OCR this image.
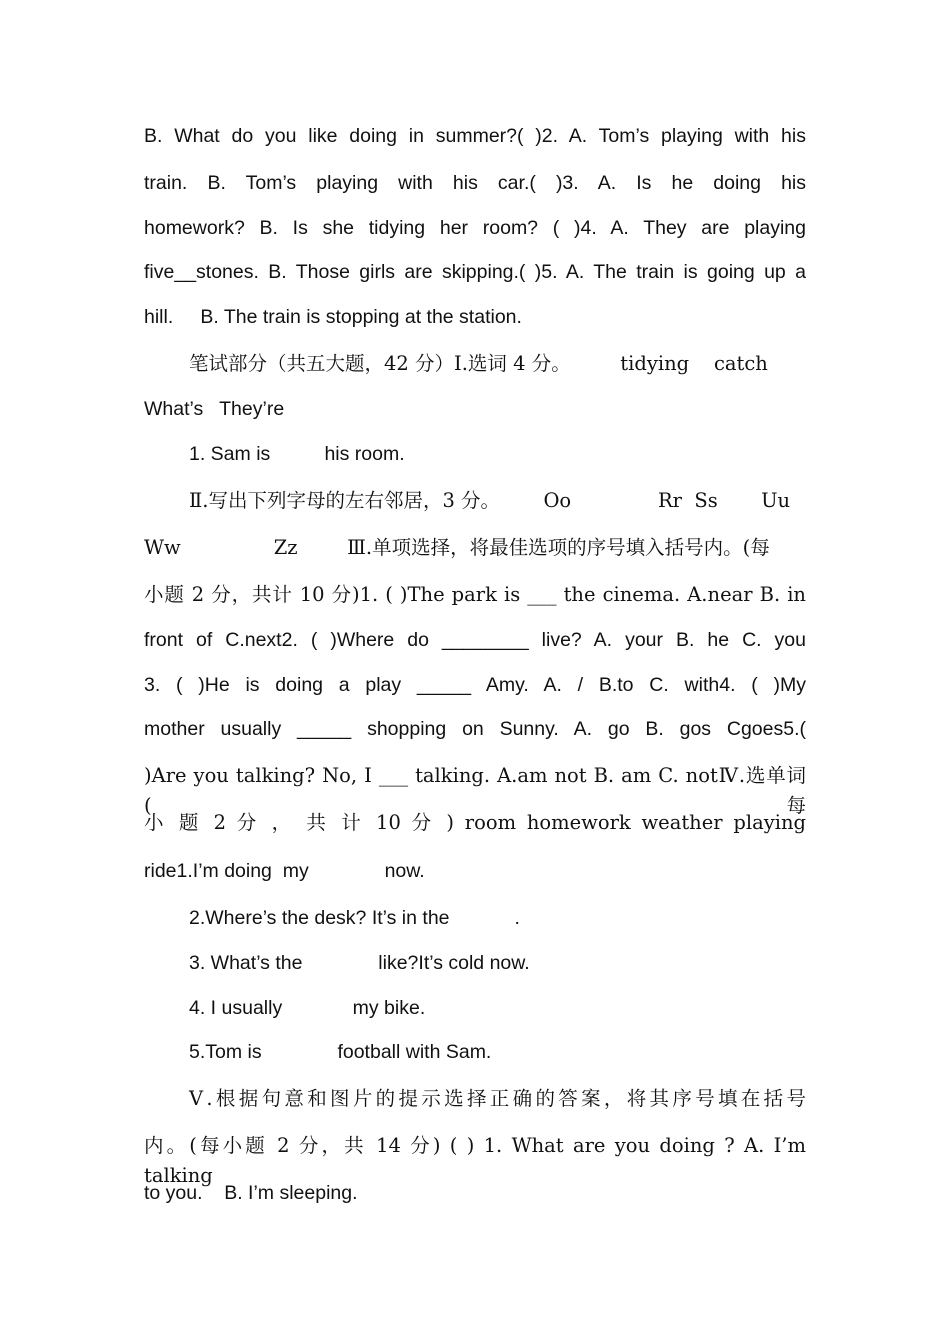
B. What do you like doing in summer?( )2. A. Tom’s playing with his
train. B. Tom’s playing with his car.( )3. A. Is he doing his
homework? B. Is she tidying her room? ( )4. A. They are playing
five__stones. B. Those girls are skipping.( )5. A. The train is going up a
hill.     B. The train is stopping at the station.
笔试部分（共五大题，42 分）Ⅰ.选词 4 分。        tidying    catch
What’s   They’re
1. Sam is          his room.
Ⅱ.写出下列字母的左右邻居，3 分。       Oo              Rr  Ss       Uu
Ww               Zz        Ⅲ.单项选择，将最佳选项的序号填入括号内。(每
小题 2 分，共计 10 分)1. ( )The park is ___ the cinema. A.near B. in
front of C.next2. ( )Where do ________ live? A. your B. he C. you
3. ( )He is doing a play _____ Amy. A. / B.to C. with4. ( )My
mother usually _____ shopping on Sunny. A. go B. gos Cgoes5.(
)Are you talking? No, I ___ talking. A.am not B. am C. notⅣ.选单词 (每
小 题 2 分 ， 共 计 10 分 ) room homework weather playing
ride1.I’m doing  my              now.
2.Where’s the desk? It’s in the            .
3. What’s the              like?It’s cold now.
4. I usually             my bike.
5.Tom is              football with Sam.
Ⅴ.根据句意和图片的提示选择正确的答案，将其序号填在括号
内。(每小题 2 分，共 14 分) ( ) 1. What are you doing ? A. I’m talking
to you.    B. I’m sleeping.
